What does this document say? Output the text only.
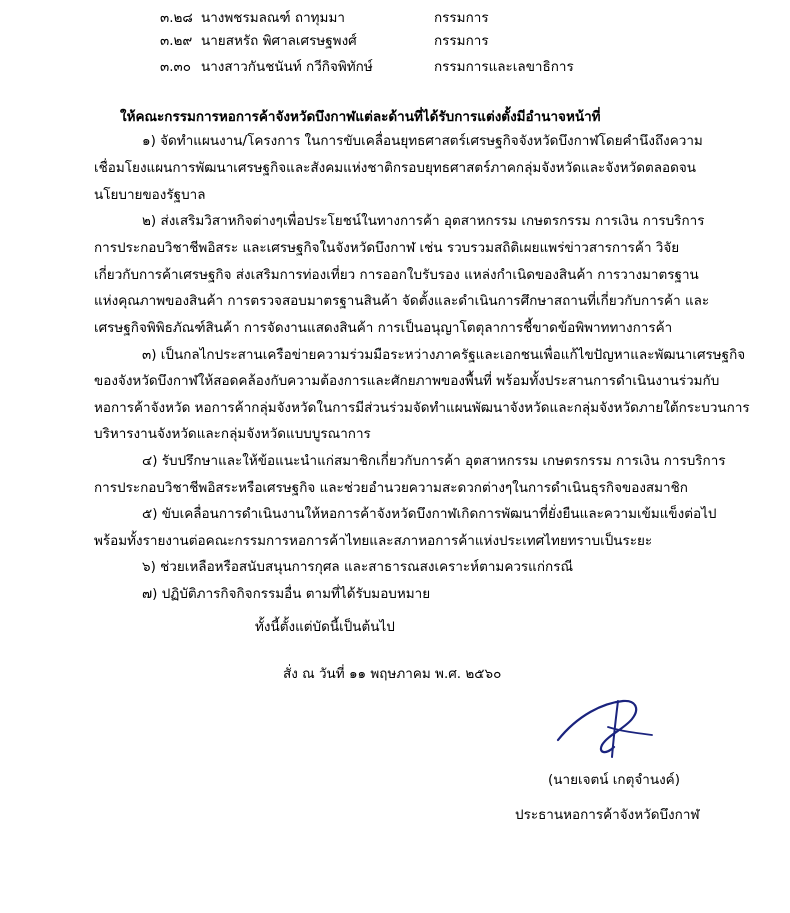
๓.๒๘ นางพชรมลณฑ์ ถาทุมมา	กรรมการ
๓.๒๙ นายสหรัถ พิศาลเศรษฐพงศ์	กรรมการ
๓.๓๐ นางสาวกันชนันท์ กวีกิจพิทักษ์	กรรมการและเลขาธิการ
ให้คณะกรรมการหอการค้าจังหวัดบึงกาฬแต่ละด้านที่ได้รับการแต่งตั้งมีอำนาจหน้าที่
๑) จัดทำแผนงาน/โครงการ ในการขับเคลื่อนยุทธศาสตร์เศรษฐกิจจังหวัดบึงกาฬโดยคำนึงถึงความ
เชื่อมโยงแผนการพัฒนาเศรษฐกิจและสังคมแห่งชาติกรอบยุทธศาสตร์ภาคกลุ่มจังหวัดและจังหวัดตลอดจน
นโยบายของรัฐบาล
๒) ส่งเสริมวิสาหกิจต่างๆเพื่อประโยชน์ในทางการค้า อุตสาหกรรม เกษตรกรรม การเงิน การบริการ
การประกอบวิชาชีพอิสระ และเศรษฐกิจในจังหวัดบึงกาฬ เช่น รวบรวมสถิติเผยแพร่ข่าวสารการค้า วิจัย
เกี่ยวกับการค้าเศรษฐกิจ ส่งเสริมการท่องเที่ยว การออกใบรับรอง แหล่งกำเนิดของสินค้า การวางมาตรฐาน
แห่งคุณภาพของสินค้า การตรวจสอบมาตรฐานสินค้า จัดตั้งและดำเนินการศึกษาสถานที่เกี่ยวกับการค้า และ
เศรษฐกิจพิพิธภัณฑ์สินค้า การจัดงานแสดงสินค้า การเป็นอนุญาโตตุลาการชี้ขาดข้อพิพาททางการค้า
๓) เป็นกลไกประสานเครือข่ายความร่วมมือระหว่างภาครัฐและเอกชนเพื่อแก้ไขปัญหาและพัฒนาเศรษฐกิจ
ของจังหวัดบึงกาฬให้สอดคล้องกับความต้องการและศักยภาพของพื้นที่ พร้อมทั้งประสานการดำเนินงานร่วมกับ
หอการค้าจังหวัด หอการค้ากลุ่มจังหวัดในการมีส่วนร่วมจัดทำแผนพัฒนาจังหวัดและกลุ่มจังหวัดภายใต้กระบวนการ
บริหารงานจังหวัดและกลุ่มจังหวัดแบบบูรณาการ
๔) รับปรึกษาและให้ข้อแนะนำแก่สมาชิกเกี่ยวกับการค้า อุตสาหกรรม เกษตรกรรม การเงิน การบริการ
การประกอบวิชาชีพอิสระหรือเศรษฐกิจ และช่วยอำนวยความสะดวกต่างๆในการดำเนินธุรกิจของสมาชิก
๕) ขับเคลื่อนการดำเนินงานให้หอการค้าจังหวัดบึงกาฬเกิดการพัฒนาที่ยั่งยืนและความเข้มแข็งต่อไป
พร้อมทั้งรายงานต่อคณะกรรมการหอการค้าไทยและสภาหอการค้าแห่งประเทศไทยทราบเป็นระยะ
๖) ช่วยเหลือหรือสนับสนุนการกุศล และสาธารณสงเคราะห์ตามควรแก่กรณี
๗) ปฏิบัติภารกิจกิจกรรมอื่น ตามที่ได้รับมอบหมาย
ทั้งนี้ตั้งแต่บัดนี้เป็นต้นไป
สั่ง ณ วันที่ ๑๑ พฤษภาคม พ.ศ. ๒๕๖๐
(นายเจตน์ เกตุจำนงค์)
ประธานหอการค้าจังหวัดบึงกาฬ
